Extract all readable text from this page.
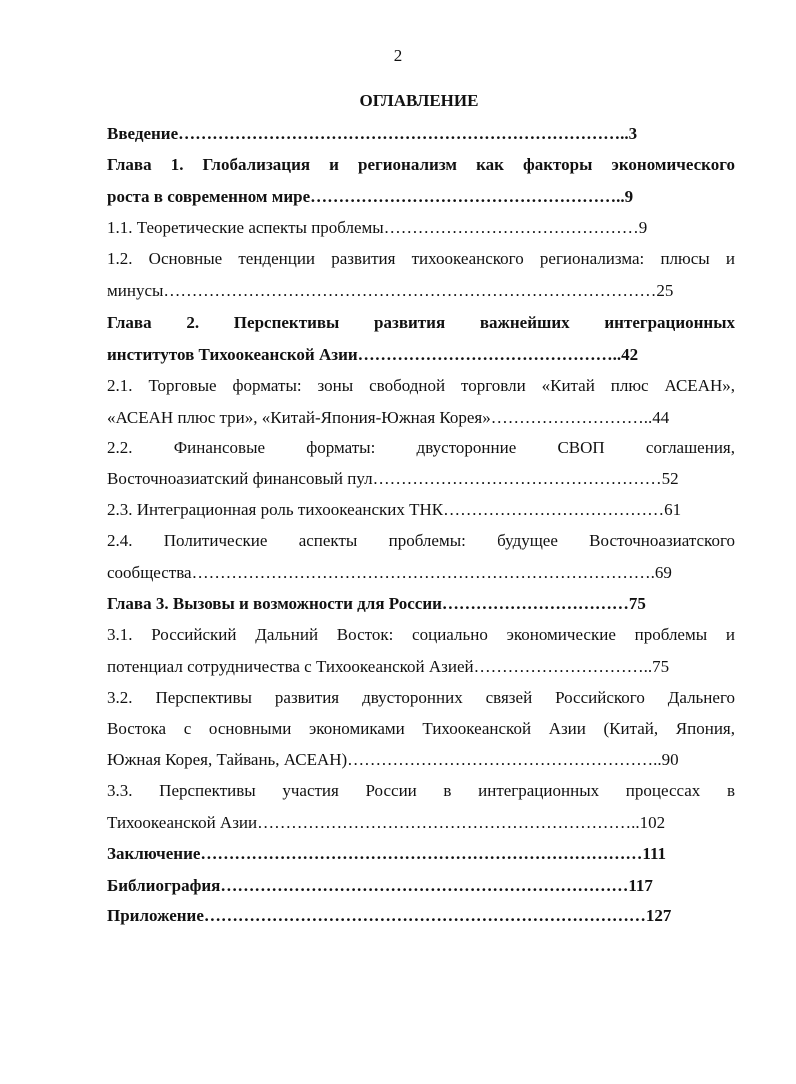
2
ОГЛАВЛЕНИЕ
Введение……………………………………………………………………..3
Глава 1. Глобализация и регионализм как факторы экономического
роста в современном мире………………………………………………..9
1.1. Теоретические аспекты проблемы………………………………………9
1.2. Основные тенденции развития тихоокеанского регионализма: плюсы и
минусы……………………………………………………………………………25
Глава 2. Перспективы развития важнейших интеграционных
институтов Тихоокеанской Азии………………………………………..42
2.1. Торговые форматы: зоны свободной торговли «Китай плюс АСЕАН»,
«АСЕАН плюс три», «Китай-Япония-Южная Корея»………………………..44
2.2. Финансовые форматы: двусторонние СВОП соглашения,
Восточноазиатский финансовый пул……………………………………………52
2.3. Интеграционная роль тихоокеанских ТНК…………………………………61
2.4. Политические аспекты проблемы: будущее Восточноазиатского
сообщества……………………………………………………………………….69
Глава 3. Вызовы и возможности для России……………………………75
3.1. Российский Дальний Восток: социально экономические проблемы и
потенциал сотрудничества с Тихоокеанской Азией…………………………..75
3.2. Перспективы развития двусторонних связей Российского Дальнего
Востока с основными экономиками Тихоокеанской Азии (Китай, Япония,
Южная Корея, Тайвань, АСЕАН)………………………………………………..90
3.3. Перспективы участия России в интеграционных процессах в
Тихоокеанской Азии…………………………………………………………..102
Заключение……………………………………………………………………111
Библиография………………………………………………………………117
Приложение……………………………………………………………………127
